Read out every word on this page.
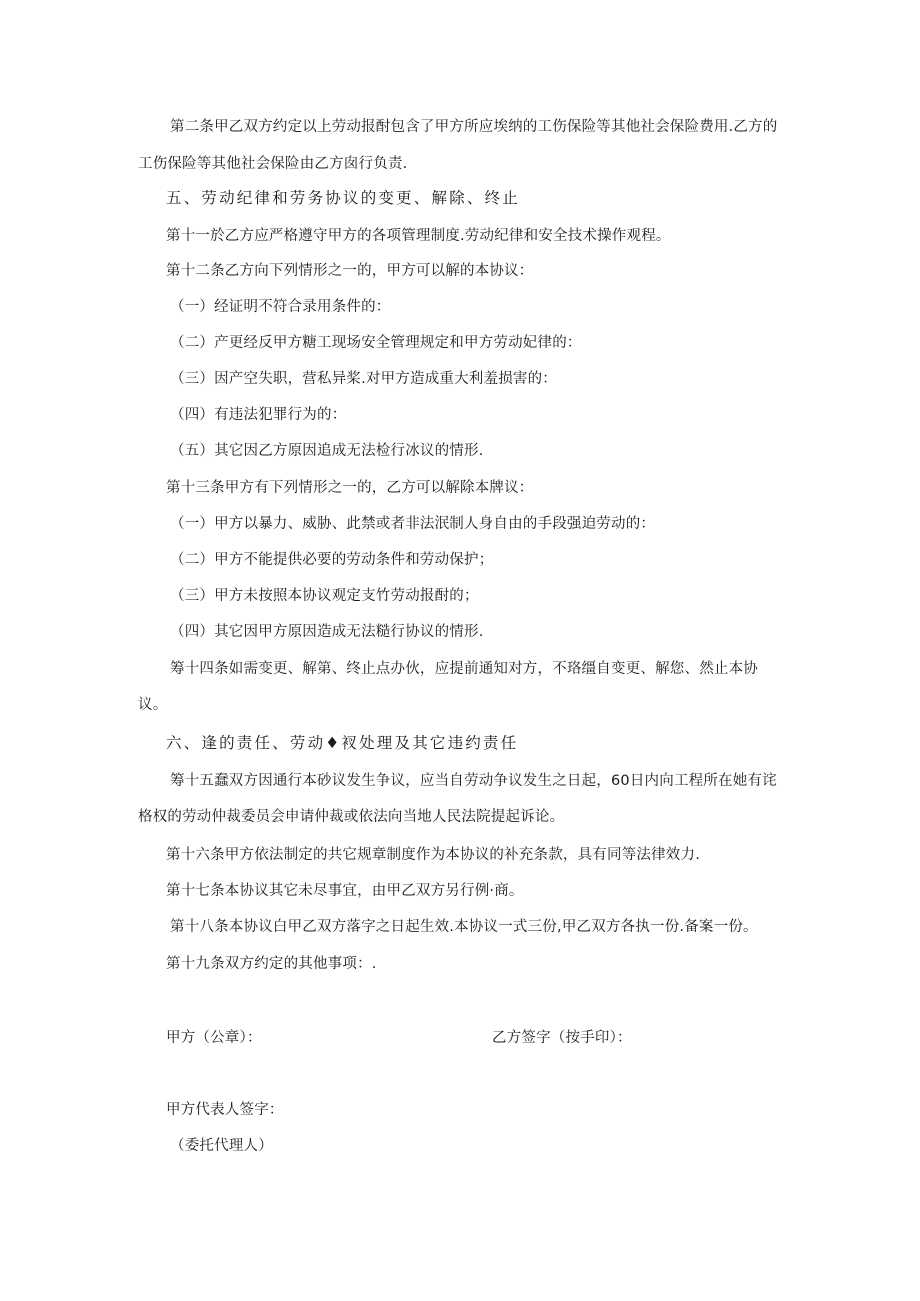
第二条甲乙双方约定以上劳动报酎包含了甲方所应埃纳的工伤保险等其他社会保险费用.乙方的
工伤保险等其他社会保险由乙方囱行负责.
五、劳动纪律和劳务协议的变更、解除、终止
第十一於乙方应严格遵守甲方的各项管理制度.劳动纪律和安全技术操作观程。
第十二条乙方向下列情形之一的，甲方可以解的本协议：
（一）经证明不符合录用条件的：
（二）产更经反甲方糖工现场安全管理规定和甲方劳动妃律的：
（三）因产空失职，营私异桨.对甲方造成重大利羞损害的：
（四）有违法犯罪行为的：
（五）其它因乙方原因追成无法检行冰议的情形.
第十三条甲方有下列情形之一的，乙方可以解除本牌议：
（一）甲方以暴力、威胁、此禁或者非法泯制人身自由的手段强迫劳动的：
（二）甲方不能提供必要的劳动条件和劳动保护；
（三）甲方未按照本协议观定支竹劳动报酎的；
（四）其它因甲方原因造成无法糙行协议的情形.
筹十四条如需变更、解第、终止点办伙，应提前通知对方，不珞缰自变更、解您、然止本协
议。
六、逢的责任、劳动♦衩处理及其它违约责任
筹十五蠢双方因通行本砂议发生争议，应当自劳动争议发生之日起，60日内向工程所在她有诧
格权的劳动仲裁委员会申请仲裁或依法向当地人民法院提起诉论。
第十六条甲方依法制定的共它规章制度作为本协议的补充条款，具有同等法律效力.
第十七条本协议其它未尽事宜，由甲乙双方另行例·商。
第十八条本协议白甲乙双方落字之日起生效.本协议一式三份,甲乙双方各执一份.备案一份。
第十九条双方约定的其他事项：.
甲方（公章）：	乙方签字（按手印）：
甲方代表人签字：
（委托代理人）
